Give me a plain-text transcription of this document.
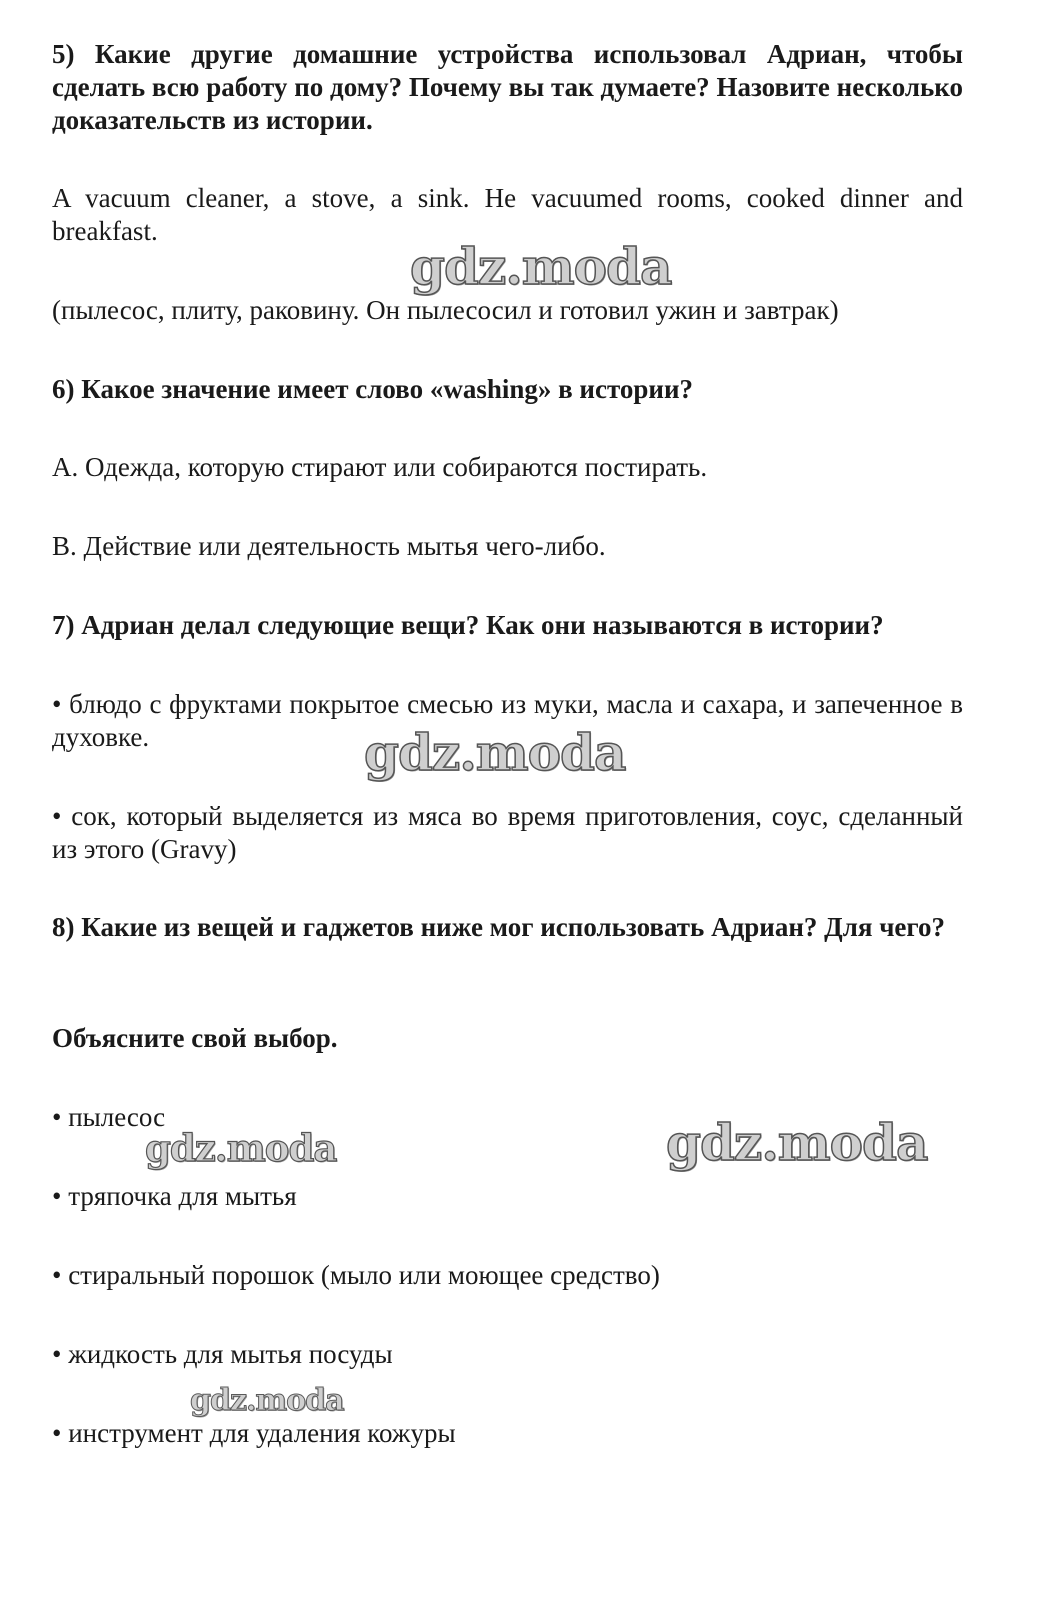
5) Какие другие домашние устройства использовал Адриан, чтобы сделать всю работу по дому? Почему вы так думаете? Назовите несколько доказательств из истории.

A vacuum cleaner, a stove, a sink. He vacuumed rooms, cooked dinner and breakfast.

(пылесос, плиту, раковину. Он пылесосил и готовил ужин и завтрак)

6) Какое значение имеет слово «washing» в истории?

A. Одежда, которую стирают или собираются постирать.

B. Действие или деятельность мытья чего-либо.

7) Адриан делал следующие вещи? Как они называются в истории?

• блюдо с фруктами покрытое смесью из муки, масла и сахара, и запеченное в духовке.

• сок, который выделяется из мяса во время приготовления, соус, сделанный из этого (Gravy)

8) Какие из вещей и гаджетов ниже мог использовать Адриан? Для чего?

Объясните свой выбор.

• пылесос

• тряпочка для мытья

• стиральный порошок (мыло или моющее средство)

• жидкость для мытья посуды

• инструмент для удаления кожуры

gdz.moda
gdz.moda
gdz.moda	gdz.moda
gdz.moda
